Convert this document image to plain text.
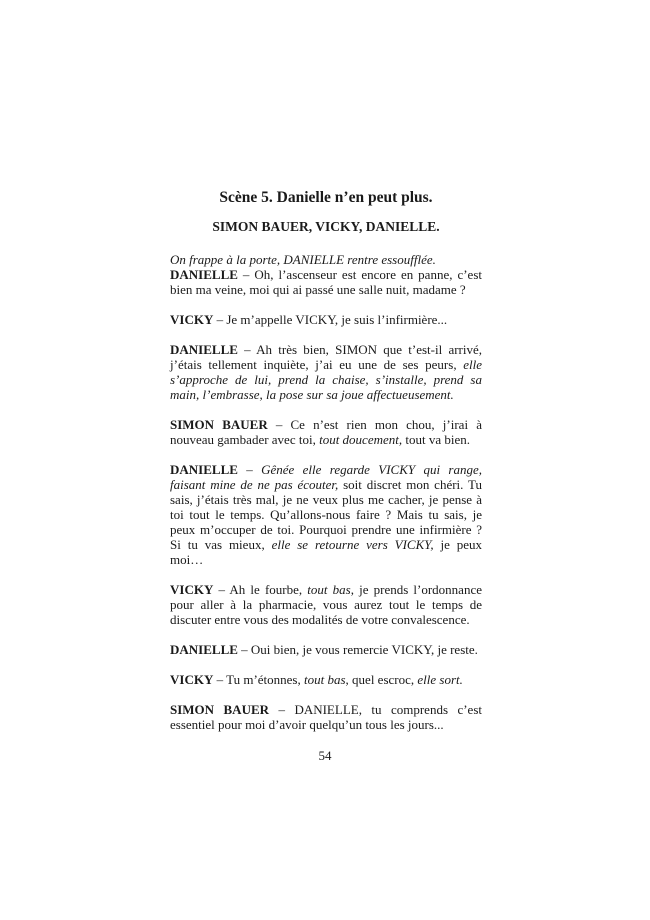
Scène 5. Danielle n’en peut plus.

SIMON BAUER, VICKY, DANIELLE.

On frappe à la porte, DANIELLE rentre essoufflée.

DANIELLE – Oh, l’ascenseur est encore en panne, c’est bien ma veine, moi qui ai passé une salle nuit, madame ?

VICKY – Je m’appelle VICKY, je suis l’infirmière...

DANIELLE – Ah très bien, SIMON que t’est-il arrivé, j’étais tellement inquiète, j’ai eu une de ses peurs, elle s’approche de lui, prend la chaise, s’installe, prend sa main, l’embrasse, la pose sur sa joue affectueusement.

SIMON BAUER – Ce n’est rien mon chou, j’irai à nouveau gambader avec toi, tout doucement, tout va bien.

DANIELLE – Gênée elle regarde VICKY qui range, faisant mine de ne pas écouter, soit discret mon chéri. Tu sais, j’étais très mal, je ne veux plus me cacher, je pense à toi tout le temps. Qu’allons-nous faire ? Mais tu sais, je peux m’occuper de toi. Pourquoi prendre une infirmière ? Si tu vas mieux, elle se retourne vers VICKY, je peux moi…

VICKY – Ah le fourbe, tout bas, je prends l’ordonnance pour aller à la pharmacie, vous aurez tout le temps de discuter entre vous des modalités de votre convalescence.

DANIELLE – Oui bien, je vous remercie VICKY, je reste.

VICKY – Tu m’étonnes, tout bas, quel escroc, elle sort.

SIMON BAUER – DANIELLE, tu comprends c’est essentiel pour moi d’avoir quelqu’un tous les jours...

54
